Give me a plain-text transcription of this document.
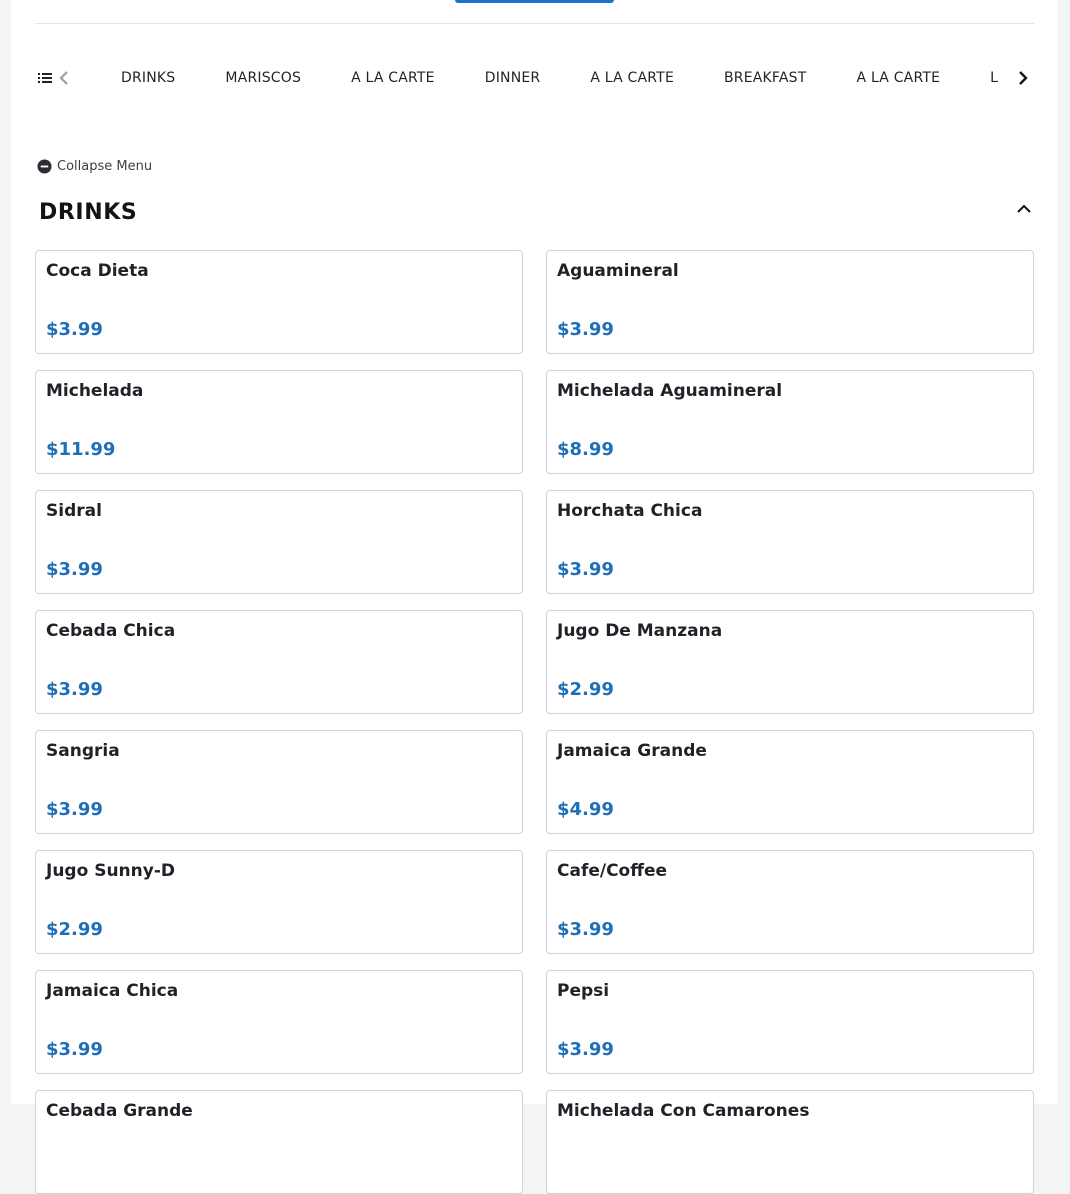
DRINKS	MARISCOS	A LA CARTE	DINNER	A LA CARTE	BREAKFAST	A LA CARTE	L
Collapse Menu
DRINKS
Coca Dieta
$3.99
Aguamineral
$3.99
Michelada
$11.99
Michelada Aguamineral
$8.99
Sidral
$3.99
Horchata Chica
$3.99
Cebada Chica
$3.99
Jugo De Manzana
$2.99
Sangria
$3.99
Jamaica Grande
$4.99
Jugo Sunny-D
$2.99
Cafe/Coffee
$3.99
Jamaica Chica
$3.99
Pepsi
$3.99
Cebada Grande	Michelada Con Camarones
